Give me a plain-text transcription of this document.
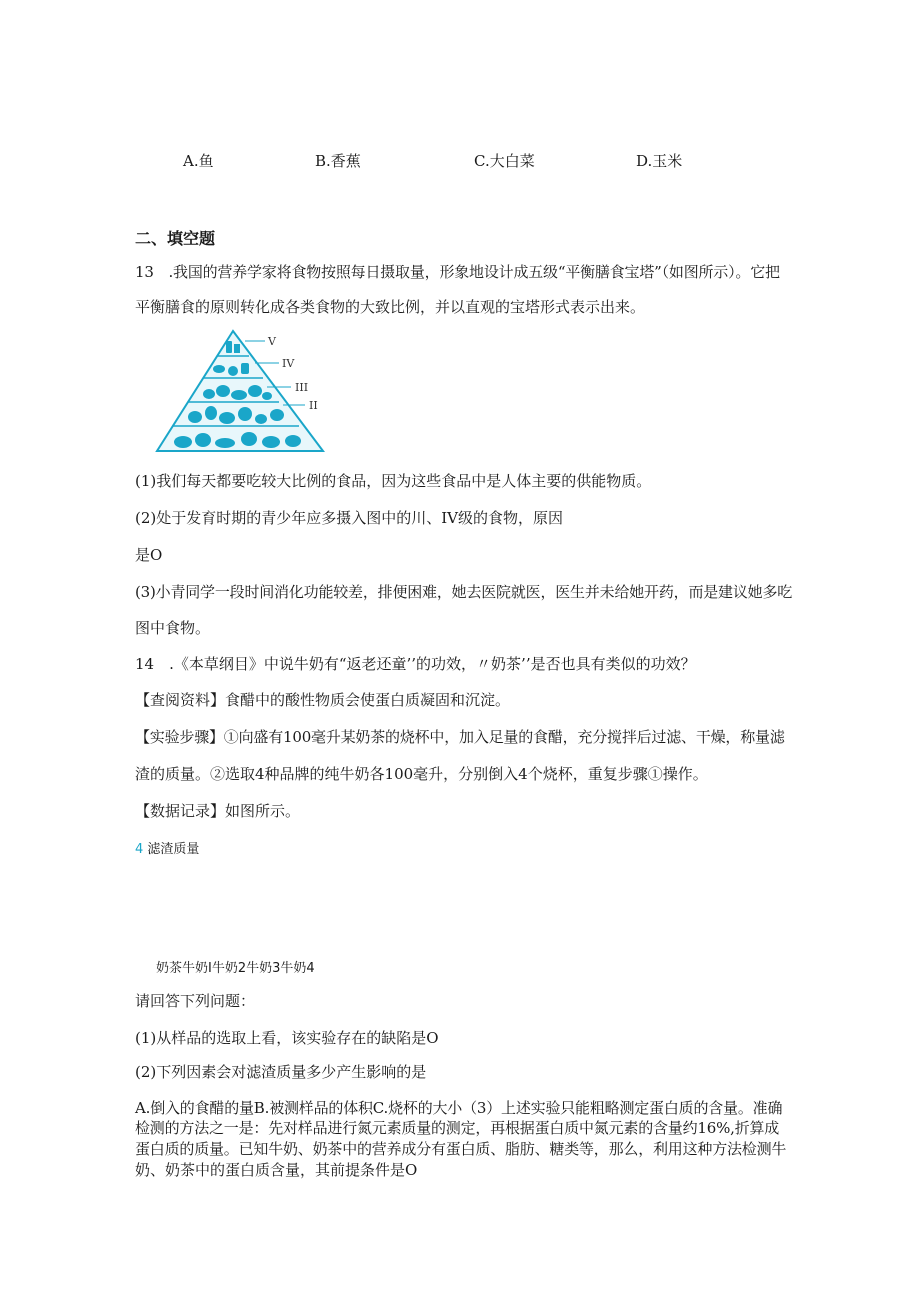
A.鱼	B.香蕉	C.大白菜	D.玉米
二、填空题
13　.我国的营养学家将食物按照每日摄取量，形象地设计成五级“平衡膳食宝塔”（如图所示）。它把
平衡膳食的原则转化成各类食物的大致比例，并以直观的宝塔形式表示出来。
V
IV
III
II
(1)我们每天都要吃较大比例的食品，因为这些食品中是人体主要的供能物质。
(2)处于发育时期的青少年应多摄入图中的川、IV级的食物，原因
是O
(3)小青同学一段时间消化功能较差，排便困难，她去医院就医，医生并未给她开药，而是建议她多吃
图中食物。
14　.《本草纲目》中说牛奶有“返老还童’’的功效，〃奶茶’’是否也具有类似的功效？
【查阅资料】食醋中的酸性物质会使蛋白质凝固和沉淀。
【实验步骤】①向盛有100毫升某奶茶的烧杯中，加入足量的食醋，充分搅拌后过滤、干燥，称量滤
渣的质量。②选取4种品牌的纯牛奶各100毫升，分别倒入4个烧杯，重复步骤①操作。
【数据记录】如图所示。
4 滤渣质量
奶茶牛奶I牛奶2牛奶3牛奶4
请回答下列问题：
(1)从样品的选取上看，该实验存在的缺陷是O
(2)下列因素会对滤渣质量多少产生影响的是
A.倒入的食醋的量B.被测样品的体积C.烧杯的大小（3）上述实验只能粗略测定蛋白质的含量。准确
检测的方法之一是：先对样品进行氮元素质量的测定，再根据蛋白质中氮元素的含量约16%,折算成
蛋白质的质量。已知牛奶、奶茶中的营养成分有蛋白质、脂肪、糖类等，那么，利用这种方法检测牛
奶、奶茶中的蛋白质含量，其前提条件是O
